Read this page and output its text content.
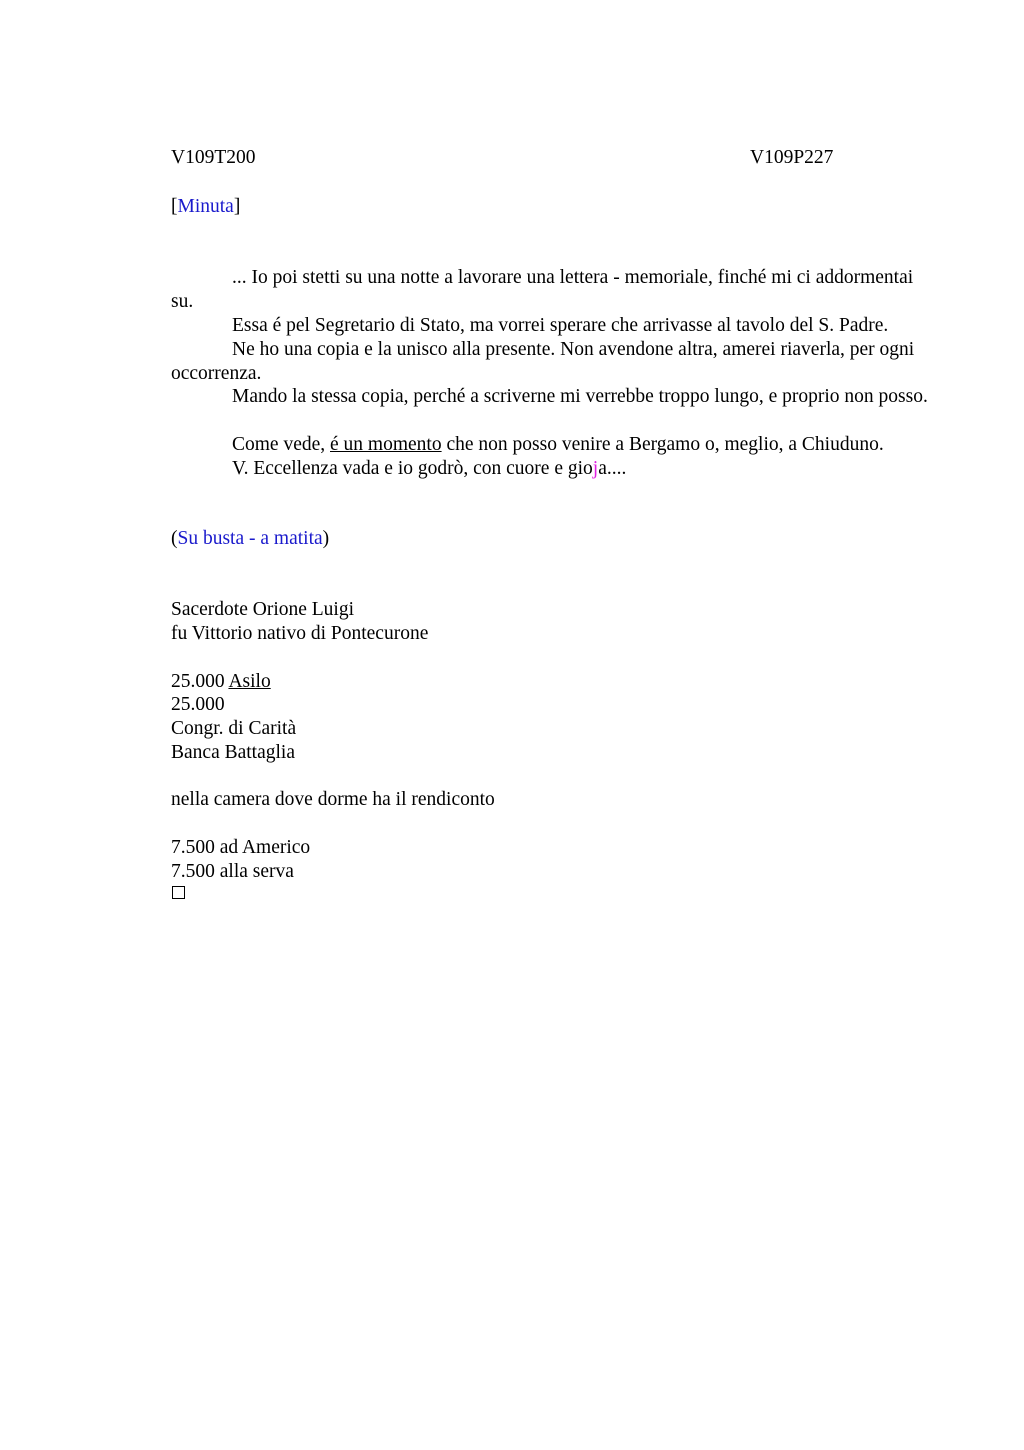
V109T200	V109P227
[Minuta]
... Io poi stetti su una notte a lavorare una lettera - memoriale, finché mi ci addormentai su.
Essa é pel Segretario di Stato, ma vorrei sperare che arrivasse al tavolo del S. Padre.
Ne ho una copia e la unisco alla presente. Non avendone altra, amerei riaverla, per ogni occorrenza.
Mando la stessa copia, perché a scriverne mi verrebbe troppo lungo, e proprio non posso.
Come vede, é un momento che non posso venire a Bergamo o, meglio, a Chiuduno.
V. Eccellenza vada e io godrò, con cuore e gioja....
(Su busta - a matita)
Sacerdote Orione Luigi
fu Vittorio nativo di Pontecurone
25.000 Asilo
25.000
Congr. di Carità
Banca Battaglia
nella camera dove dorme ha il rendiconto
7.500 ad Americo
7.500 alla serva
